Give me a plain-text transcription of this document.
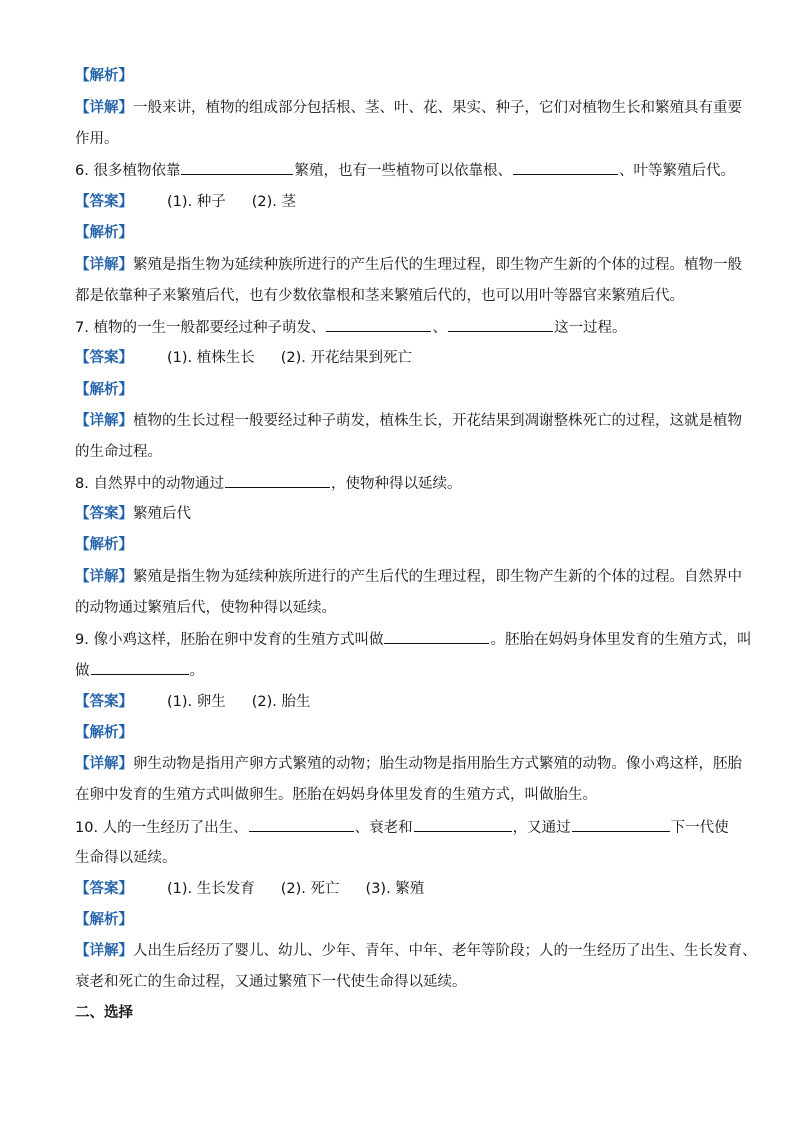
【解析】
【详解】一般来讲，植物的组成部分包括根、茎、叶、花、果实、种子，它们对植物生长和繁殖具有重要
作用。
6. 很多植物依靠	繁殖，也有一些植物可以依靠根、	、叶等繁殖后代。
【答案】 (1). 种子 (2). 茎
【解析】
【详解】繁殖是指生物为延续种族所进行的产生后代的生理过程，即生物产生新的个体的过程。植物一般
都是依靠种子来繁殖后代，也有少数依靠根和茎来繁殖后代的，也可以用叶等器官来繁殖后代。
7. 植物的一生一般都要经过种子萌发、	、	这一过程。
【答案】 (1). 植株生长 (2). 开花结果到死亡
【解析】
【详解】植物的生长过程一般要经过种子萌发，植株生长，开花结果到凋谢整株死亡的过程，这就是植物
的生命过程。
8. 自然界中的动物通过	，使物种得以延续。
【答案】繁殖后代
【解析】
【详解】繁殖是指生物为延续种族所进行的产生后代的生理过程，即生物产生新的个体的过程。自然界中
的动物通过繁殖后代，使物种得以延续。
9. 像小鸡这样，胚胎在卵中发育的生殖方式叫做	。胚胎在妈妈身体里发育的生殖方式，叫
做	。
【答案】 (1). 卵生 (2). 胎生
【解析】
【详解】卵生动物是指用产卵方式繁殖的动物；胎生动物是指用胎生方式繁殖的动物。像小鸡这样，胚胎
在卵中发育的生殖方式叫做卵生。胚胎在妈妈身体里发育的生殖方式，叫做胎生。
10. 人的一生经历了出生、	、衰老和	，又通过	下一代使
生命得以延续。
【答案】 (1). 生长发育 (2). 死亡 (3). 繁殖
【解析】
【详解】人出生后经历了婴儿、幼儿、少年、青年、中年、老年等阶段；人的一生经历了出生、生长发育、
衰老和死亡的生命过程，又通过繁殖下一代使生命得以延续。
二、选择
